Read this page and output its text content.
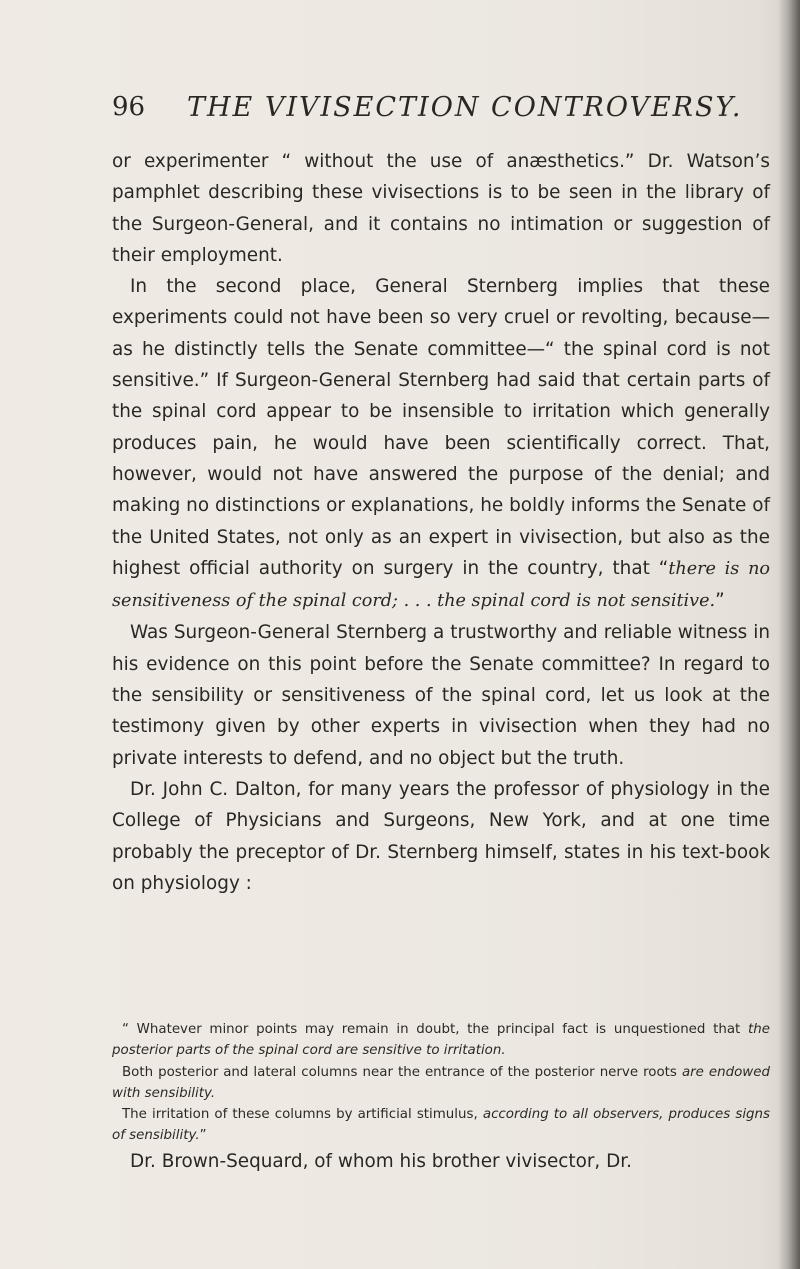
96 THE VIVISECTION CONTROVERSY.

or experimenter “ without the use of anæsthetics.” Dr. Watson’s pamphlet describing these vivisections is to be seen in the library of the Surgeon-General, and it contains no intimation or suggestion of their employment.

In the second place, General Sternberg implies that these experiments could not have been so very cruel or revolting, because—as he distinctly tells the Senate committee—“ the spinal cord is not sensitive.” If Surgeon-General Sternberg had said that certain parts of the spinal cord appear to be insensible to irritation which generally produces pain, he would have been scientifically correct. That, however, would not have answered the purpose of the denial; and making no distinctions or explanations, he boldly informs the Senate of the United States, not only as an expert in vivisection, but also as the highest official authority on surgery in the country, that “there is no sensitiveness of the spinal cord; . . . the spinal cord is not sensitive.”

Was Surgeon-General Sternberg a trustworthy and reliable witness in his evidence on this point before the Senate committee? In regard to the sensibility or sensitiveness of the spinal cord, let us look at the testimony given by other experts in vivisection when they had no private interests to defend, and no object but the truth.

Dr. John C. Dalton, for many years the professor of physiology in the College of Physicians and Surgeons, New York, and at one time probably the preceptor of Dr. Sternberg himself, states in his text-book on physiology :

“ Whatever minor points may remain in doubt, the principal fact is unquestioned that the posterior parts of the spinal cord are sensitive to irritation.

Both posterior and lateral columns near the entrance of the posterior nerve roots are endowed with sensibility.

The irritation of these columns by artificial stimulus, according to all observers, produces signs of sensibility.”

Dr. Brown-Sequard, of whom his brother vivisector, Dr.
